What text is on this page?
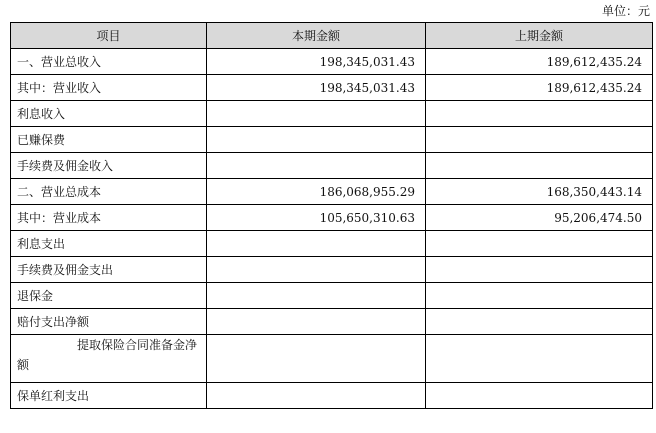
单位：元
项目	本期金额	上期金额
一、营业总收入	198,345,031.43	189,612,435.24
其中：营业收入	198,345,031.43	189,612,435.24
利息收入		
已赚保费		
手续费及佣金收入		
二、营业总成本	186,068,955.29	168,350,443.14
其中：营业成本	105,650,310.63	95,206,474.50
利息支出		
手续费及佣金支出		
退保金		
赔付支出净额		

提取保险合同准备金净
额		

保单红利支出		
